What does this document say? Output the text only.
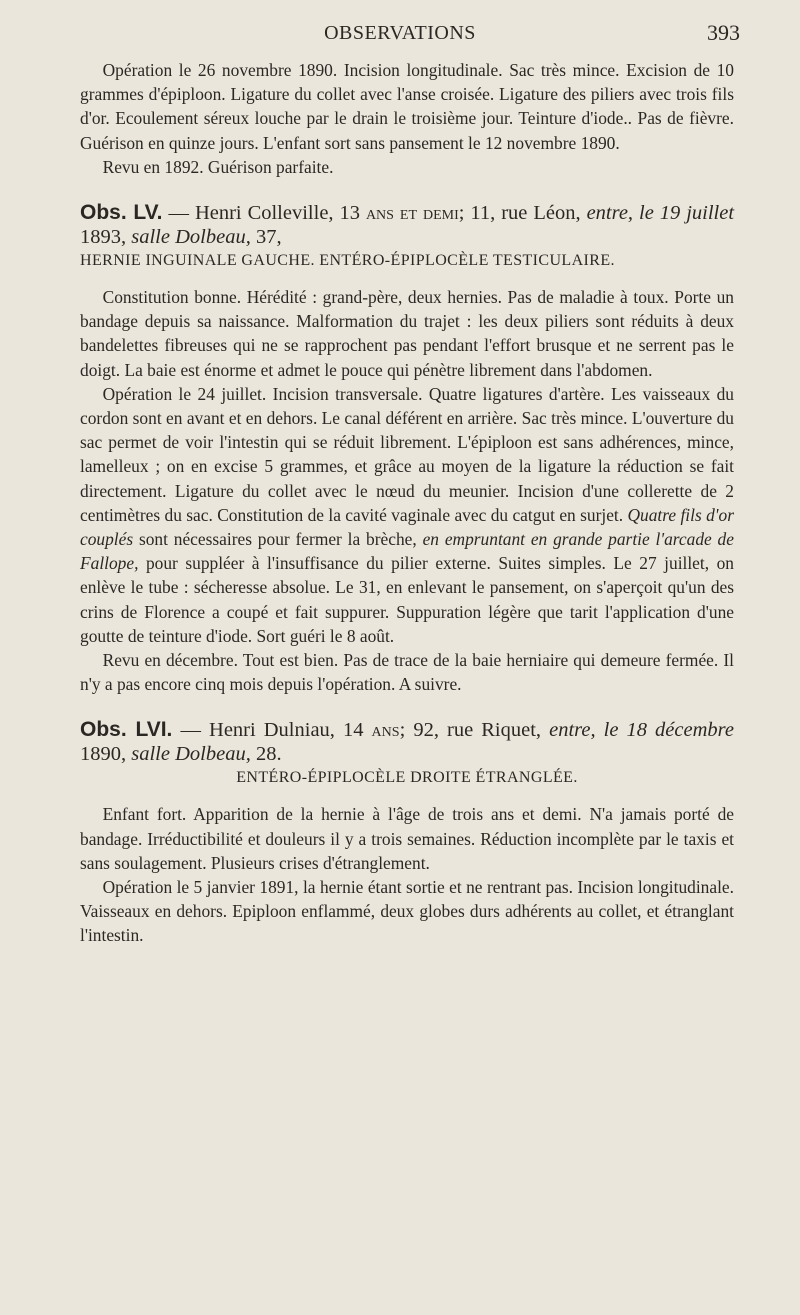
OBSERVATIONS	393

Opération le 26 novembre 1890. Incision longitudinale. Sac très mince. Excision de 10 grammes d'épiploon. Ligature du collet avec l'anse croisée. Ligature des piliers avec trois fils d'or. Ecoulement séreux louche par le drain le troisième jour. Teinture d'iode.. Pas de fièvre. Guérison en quinze jours. L'enfant sort sans pansement le 12 novembre 1890.

Revu en 1892. Guérison parfaite.

Obs. LV. — Henri Colleville, 13 ans et demi; 11, rue Léon, entre, le 19 juillet 1893, salle Dolbeau, 37,

HERNIE INGUINALE GAUCHE. ENTÉRO-ÉPIPLOCÈLE TESTICULAIRE.

Constitution bonne. Hérédité : grand-père, deux hernies. Pas de maladie à toux. Porte un bandage depuis sa naissance. Malformation du trajet : les deux piliers sont réduits à deux bandelettes fibreuses qui ne se rapprochent pas pendant l'effort brusque et ne serrent pas le doigt. La baie est énorme et admet le pouce qui pénètre librement dans l'abdomen.

Opération le 24 juillet. Incision transversale. Quatre ligatures d'artère. Les vaisseaux du cordon sont en avant et en dehors. Le canal déférent en arrière. Sac très mince. L'ouverture du sac permet de voir l'intestin qui se réduit librement. L'épiploon est sans adhérences, mince, lamelleux ; on en excise 5 grammes, et grâce au moyen de la ligature la réduction se fait directement. Ligature du collet avec le nœud du meunier. Incision d'une collerette de 2 centimètres du sac. Constitution de la cavité vaginale avec du catgut en surjet. Quatre fils d'or couplés sont nécessaires pour fermer la brèche, en empruntant en grande partie l'arcade de Fallope, pour suppléer à l'insuffisance du pilier externe. Suites simples. Le 27 juillet, on enlève le tube : sécheresse absolue. Le 31, en enlevant le pansement, on s'aperçoit qu'un des crins de Florence a coupé et fait suppurer. Suppuration légère que tarit l'application d'une goutte de teinture d'iode. Sort guéri le 8 août.

Revu en décembre. Tout est bien. Pas de trace de la baie herniaire qui demeure fermée. Il n'y a pas encore cinq mois depuis l'opération. A suivre.

Obs. LVI. — Henri Dulniau, 14 ans; 92, rue Riquet, entre, le 18 décembre 1890, salle Dolbeau, 28.

ENTÉRO-ÉPIPLOCÈLE DROITE ÉTRANGLÉE.

Enfant fort. Apparition de la hernie à l'âge de trois ans et demi. N'a jamais porté de bandage. Irréductibilité et douleurs il y a trois semaines. Réduction incomplète par le taxis et sans soulagement. Plusieurs crises d'étranglement.

Opération le 5 janvier 1891, la hernie étant sortie et ne rentrant pas. Incision longitudinale. Vaisseaux en dehors. Epiploon enflammé, deux globes durs adhérents au collet, et étranglant l'intestin.
